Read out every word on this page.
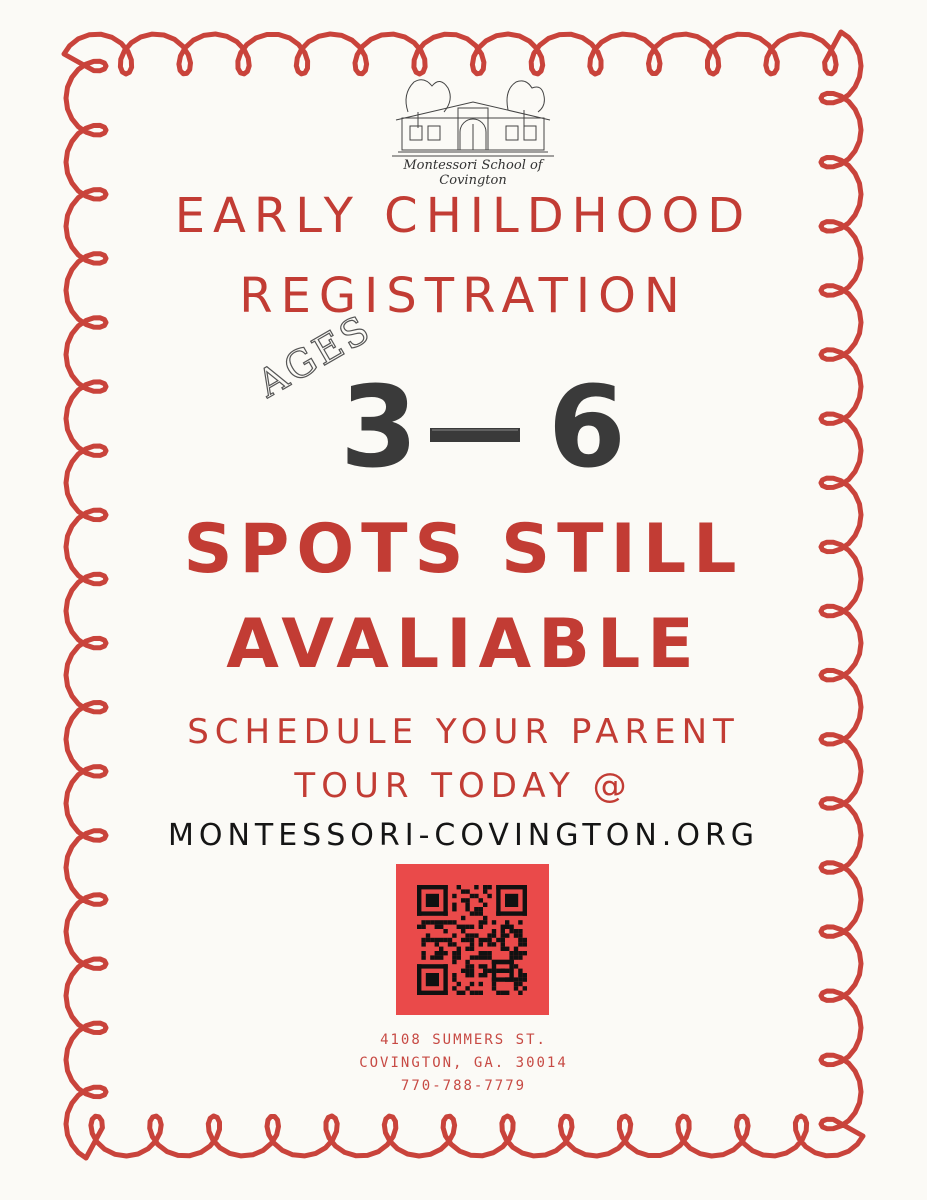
Montessori School of Covington
EARLY CHILDHOOD
REGISTRATION
AGES
3 6
SPOTS STILL
AVALIABLE
SCHEDULE YOUR PARENT
TOUR TODAY @
MONTESSORI-COVINGTON.ORG
4108 SUMMERS ST.
COVINGTON, GA. 30014
770-788-7779
